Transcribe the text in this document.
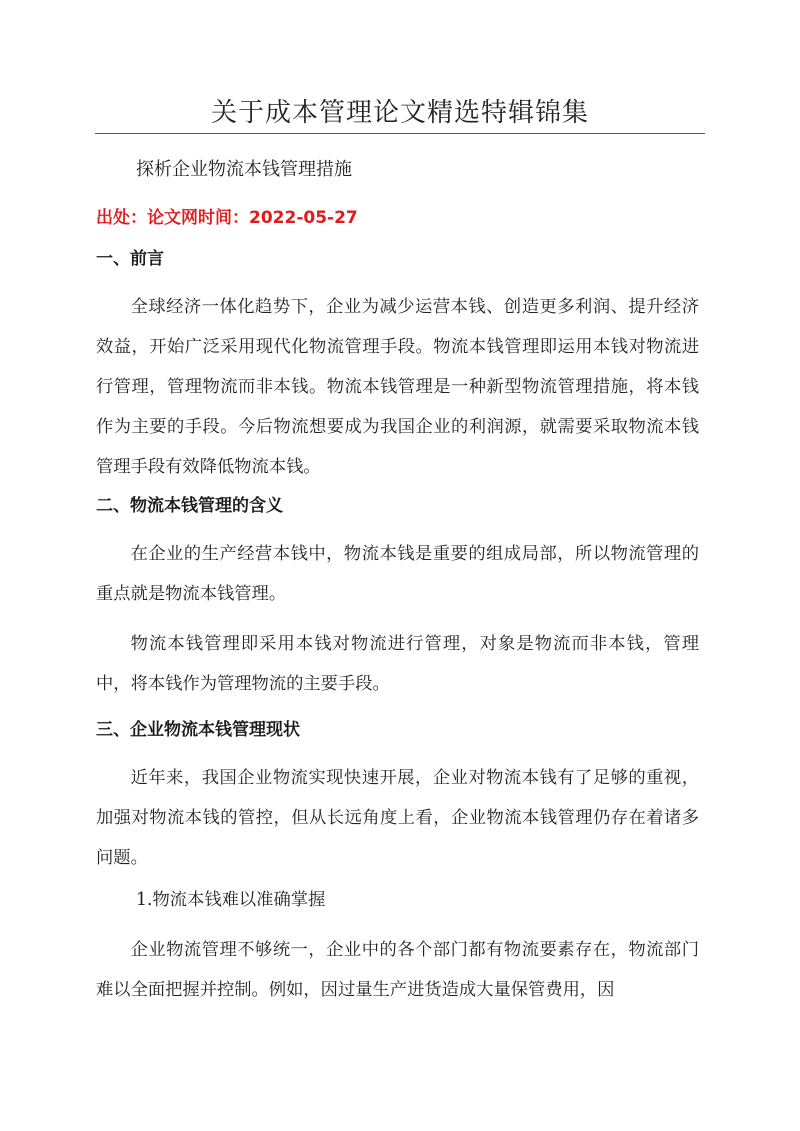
关于成本管理论文精选特辑锦集
探析企业物流本钱管理措施
出处：论文网时间：2022-05-27
一、前言

全球经济一体化趋势下，企业为减少运营本钱、创造更多利润、提升经济效益，开始广泛采用现代化物流管理手段。物流本钱管理即运用本钱对物流进行管理，管理物流而非本钱。物流本钱管理是一种新型物流管理措施，将本钱作为主要的手段。今后物流想要成为我国企业的利润源，就需要采取物流本钱管理手段有效降低物流本钱。

二、物流本钱管理的含义

在企业的生产经营本钱中，物流本钱是重要的组成局部，所以物流管理的重点就是物流本钱管理。

物流本钱管理即采用本钱对物流进行管理，对象是物流而非本钱，管理中，将本钱作为管理物流的主要手段。

三、企业物流本钱管理现状

近年来，我国企业物流实现快速开展，企业对物流本钱有了足够的重视，加强对物流本钱的管控，但从长远角度上看，企业物流本钱管理仍存在着诸多问题。

1.物流本钱难以准确掌握

企业物流管理不够统一，企业中的各个部门都有物流要素存在，物流部门难以全面把握并控制。例如，因过量生产进货造成大量保管费用，因
